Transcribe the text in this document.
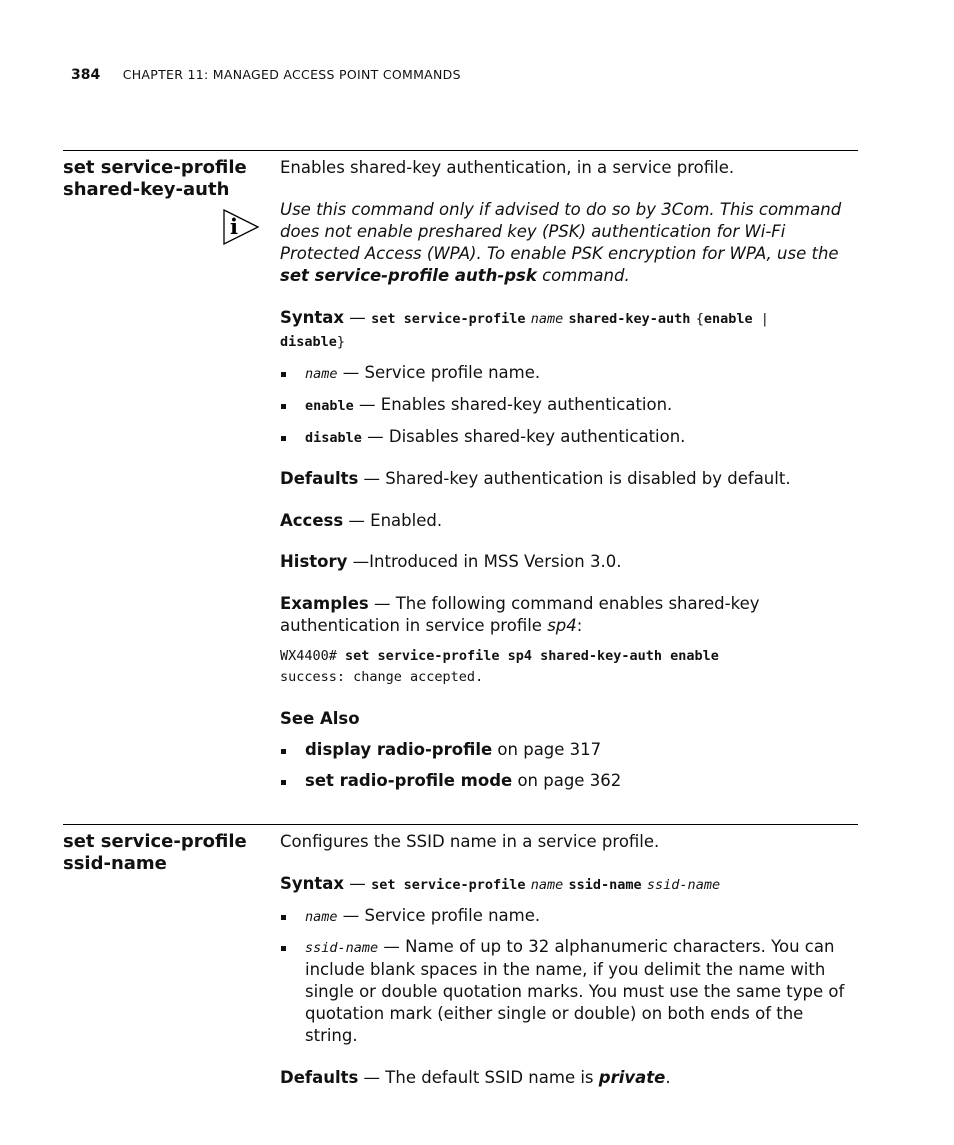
384 CHAPTER 11: MANAGED ACCESS POINT COMMANDS
set service-profile
shared-key-auth
i

Enables shared-key authentication, in a service profile.

Use this command only if advised to do so by 3Com. This command does not enable preshared key (PSK) authentication for Wi-Fi Protected Access (WPA). To enable PSK encryption for WPA, use the
set service-profile auth-psk command.

Syntax — set service-profile name shared-key-auth {enable |
disable}

name — Service profile name.
enable — Enables shared-key authentication.
disable — Disables shared-key authentication.

Defaults — Shared-key authentication is disabled by default.

Access — Enabled.

History —Introduced in MSS Version 3.0.

Examples — The following command enables shared-key authentication in service profile sp4:

WX4400# set service-profile sp4 shared-key-auth enable
success: change accepted.

See Also

display radio-profile on page 317
set radio-profile mode on page 362
set service-profile
ssid-name

Configures the SSID name in a service profile.

Syntax — set service-profile name ssid-name ssid-name

name — Service profile name.
ssid-name — Name of up to 32 alphanumeric characters. You can include blank spaces in the name, if you delimit the name with single or double quotation marks. You must use the same type of quotation mark (either single or double) on both ends of the string.

Defaults — The default SSID name is private.
